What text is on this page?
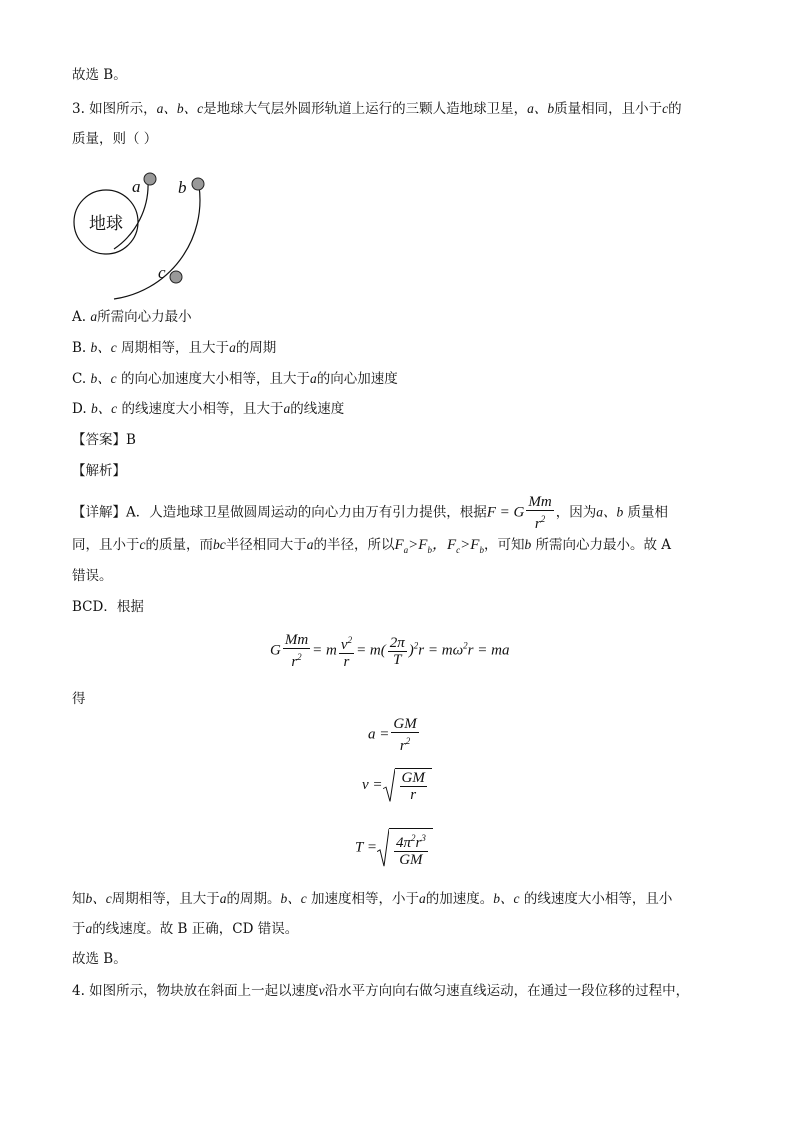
故选 B。
3. 如图所示，a、b、c是地球大气层外圆形轨道上运行的三颗人造地球卫星，a、b质量相同，且小于c的
质量，则（ ）
地球
a b
c
A. a所需向心力最小
B. b、c 周期相等，且大于a的周期
C. b、c 的向心加速度大小相等，且大于a的向心加速度
D. b、c 的线速度大小相等，且大于a的线速度
【答案】B
【解析】
【详解】A．人造地球卫星做圆周运动的向心力由万有引力提供，根据F = G $\frac{Mm}{r^2}$ ，因为a、b 质量相
同，且小于c的质量，而bc半径相同大于a的半径，所以$F_a>F_b$，$F_c>F_b$，可知b 所需向心力最小。故 A
错误。
BCD．根据
G $\frac{Mm}{r^2} = m \frac{v^2}{r} = m( \frac{2\pi}{T} )^2r = m\omega^2r$ = ma
得
$a = \frac{GM}{r^2}$
$v = \frac{GM}{r}$
$T = \frac{4\pi^2r^3}{GM}$
知b、c周期相等，且大于a的周期。b、c 加速度相等，小于a的加速度。b、c 的线速度大小相等，且小
于a的线速度。故 B 正确，CD 错误。
故选 B。
4. 如图所示，物块放在斜面上一起以速度v沿水平方向向右做匀速直线运动，在通过一段位移的过程中，
